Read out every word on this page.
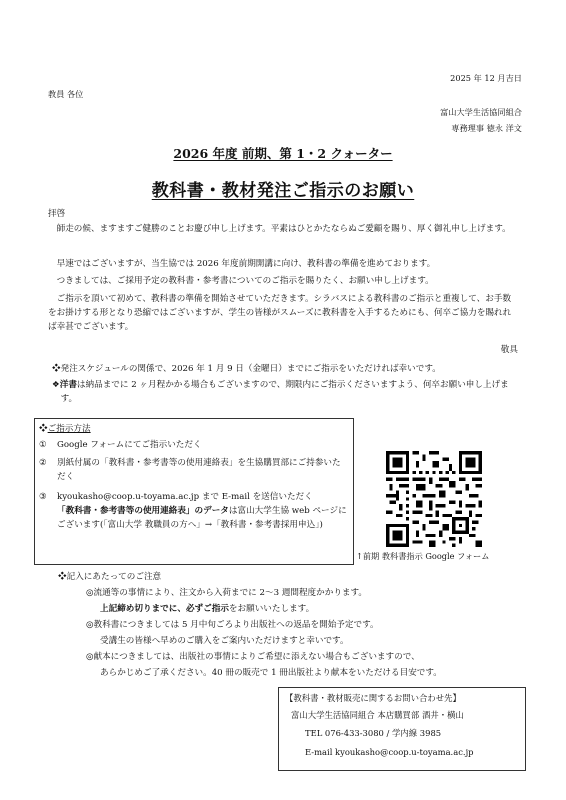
2025 年 12 月吉日
教員 各位
富山大学生活協同組合
専務理事 徳永 洋文
2026 年度 前期、第 1・2 クォーター
教科書・教材発注ご指示のお願い
拝啓

師走の候、ますますご健勝のことお慶び申し上げます。平素はひとかたならぬご愛顧を賜り、厚く御礼申し上げます。

早速ではございますが、当生協では 2026 年度前期開講に向け、教科書の準備を進めております。

つきましては、ご採用予定の教科書・参考書についてのご指示を賜りたく、お願い申し上げます。

ご指示を頂いて初めて、教科書の準備を開始させていただきます。シラバスによる教科書のご指示と重複して、お手数をお掛けする形となり恐縮ではございますが、学生の皆様がスムーズに教科書を入手するためにも、何卒ご協力を賜れれば幸甚でございます。

敬具

❖発注スケジュールの関係で、2026 年 1 月 9 日（金曜日）までにご指示をいただければ幸いです。

❖洋書は納品までに 2 ヶ月程かかる場合もございますので、期限内にご指示くださいますよう、何卒お願い申し上げます。

❖ご指示方法
①	Google フォームにてご指示いただく
②	別紙付属の「教科書・参考書等の使用連絡表」を生協購買部にご持参いただく
③	kyoukasho@coop.u-toyama.ac.jp まで E-mail を送信いただく
「教科書・参考書等の使用連絡表」のデータは富山大学生協 web ページにございます(「富山大学 教職員の方へ」→「教科書・参考書採用申込」)
↑前期 教科書指示 Google フォーム
❖記入にあたってのご注意
◎流通等の事情により、注文から入荷までに 2～3 週間程度かかります。
上記締め切りまでに、必ずご指示をお願いいたします。
◎教科書につきましては 5 月中旬ごろより出版社への返品を開始予定です。
受講生の皆様へ早めのご購入をご案内いただけますと幸いです。
◎献本につきましては、出版社の事情によりご希望に添えない場合もございますので、
あらかじめご了承ください。40 冊の販売で 1 冊出版社より献本をいただける目安です。
【教科書・教材販売に関するお問い合わせ先】
富山大学生活協同組合 本店購買部 酒井・横山
TEL 076-433-3080 / 学内線 3985
E-mail kyoukasho@coop.u-toyama.ac.jp
